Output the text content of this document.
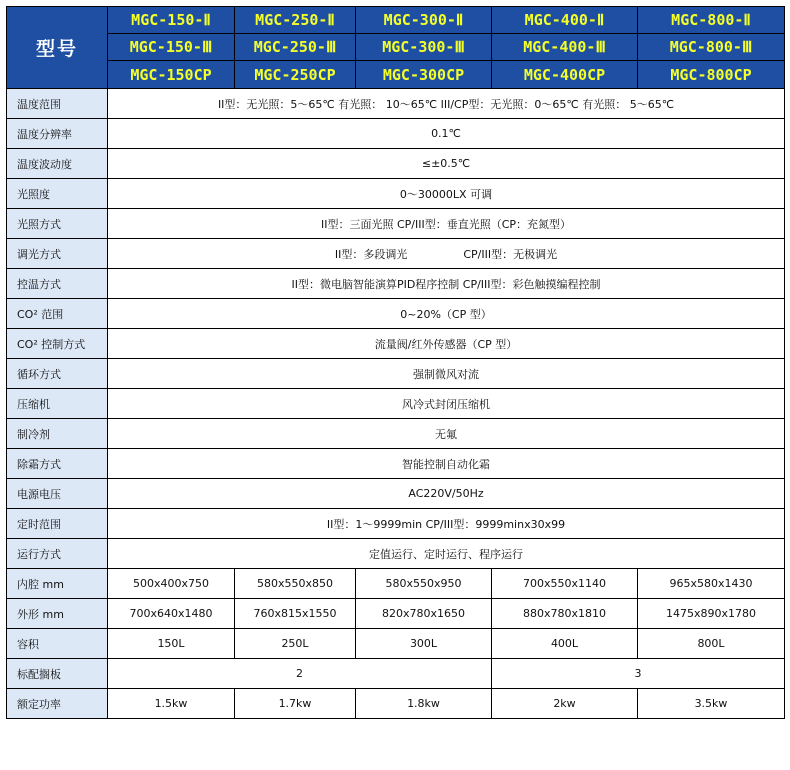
型号	MGC-150-Ⅱ	MGC-250-Ⅱ	MGC-300-Ⅱ	MGC-400-Ⅱ	MGC-800-Ⅱ
	MGC-150-Ⅲ	MGC-250-Ⅲ	MGC-300-Ⅲ	MGC-400-Ⅲ	MGC-800-Ⅲ
	MGC-150CP	MGC-250CP	MGC-300CP	MGC-400CP	MGC-800CP
温度范围	II型：无光照：5～65℃ 有光照： 10～65℃ III/CP型：无光照：0～65℃ 有光照： 5～65℃				
温度分辨率	0.1℃				
温度波动度	≤±0.5℃				
光照度	0～30000LX 可调				
光照方式	II型：三面光照 CP/III型：垂直光照（CP：充氮型）				
调光方式	II型：多段调光                CP/III型：无极调光				
控温方式	II型：微电脑智能演算PID程序控制 CP/III型：彩色触摸编程控制				
CO² 范围	0~20%（CP 型）				
CO² 控制方式	流量阀/红外传感器（CP 型）				
循环方式	强制微风对流				
压缩机	风冷式封闭压缩机				
制冷剂	无氟				
除霜方式	智能控制自动化霜				
电源电压	AC220V/50Hz				
定时范围	II型：1～9999min CP/III型：9999minx30x99				
运行方式	定值运行、定时运行、程序运行				
内腔 mm	500x400x750	580x550x850	580x550x950	700x550x1140	965x580x1430
外形 mm	700x640x1480	760x815x1550	820x780x1650	880x780x1810	1475x890x1780
容积	150L	250L	300L	400L	800L
标配搁板	2			3	
额定功率	1.5kw	1.7kw	1.8kw	2kw	3.5kw
